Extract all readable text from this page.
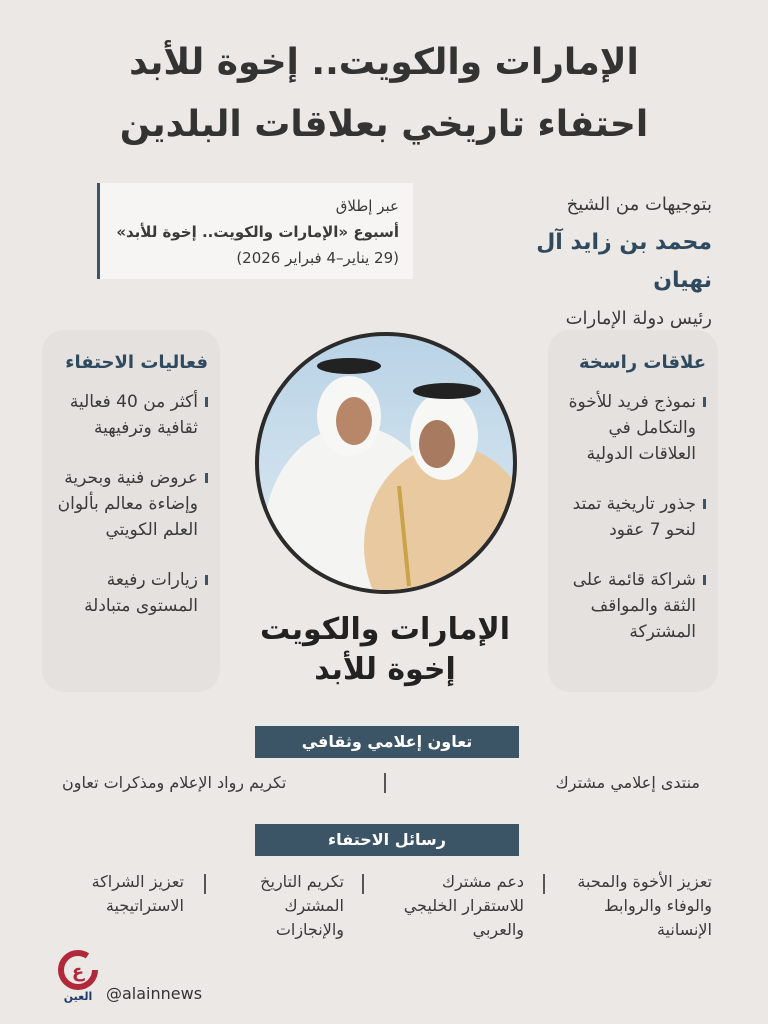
الإمارات والكويت.. إخوة للأبد
احتفاء تاريخي بعلاقات البلدين
عبر إطلاق
أسبوع «الإمارات والكويت.. إخوة للأبد»
(29 يناير–4 فبراير 2026)
بتوجيهات من الشيخ
محمد بن زايد آل نهيان
رئيس دولة الإمارات
علاقات راسخة
نموذج فريد للأخوة والتكامل في العلاقات الدولية
جذور تاريخية تمتد لنحو 7 عقود
شراكة قائمة على الثقة والمواقف المشتركة
فعاليات الاحتفاء
أكثر من 40 فعالية ثقافية وترفيهية
عروض فنية وبحرية وإضاءة معالم بألوان العلم الكويتي
زيارات رفيعة المستوى متبادلة
الإمارات والكويت
إخوة للأبد
تعاون إعلامي وثقافي
منتدى إعلامي مشترك
تكريم رواد الإعلام ومذكرات تعاون
رسائل الاحتفاء
تعزيز الأخوة والمحبة والوفاء والروابط الإنسانية
دعم مشترك للاستقرار الخليجي والعربي
تكريم التاريخ المشترك والإنجازات
تعزيز الشراكة الاستراتيجية
ع
العين @alainnews
